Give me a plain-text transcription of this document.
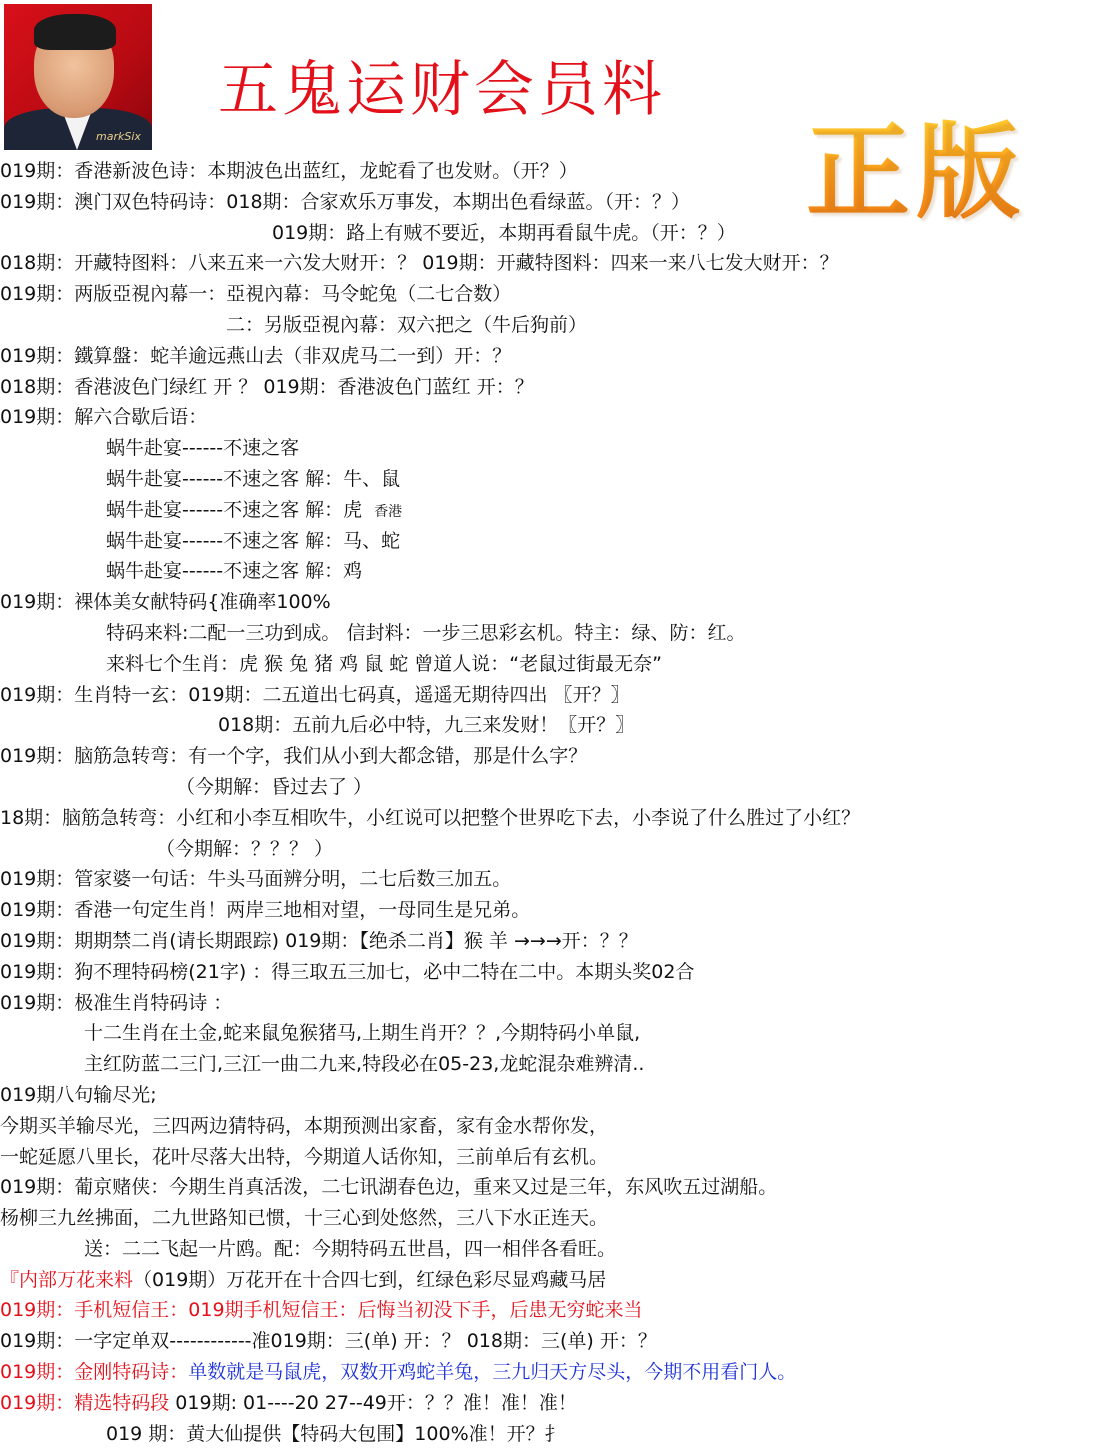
markSix
五鬼运财会员料
正版
019期：香港新波色诗：本期波色出蓝红，龙蛇看了也发财。（开？）
019期：澳门双色特码诗：018期：合家欢乐万事发，本期出色看绿蓝。（开：？）
019期：路上有贼不要近，本期再看鼠牛虎。（开：？）
018期：开藏特图料：八来五来一六发大财开：？ 019期：开藏特图料：四来一来八七发大财开：？
019期：两版亞視內幕一：亞視內幕：马令蛇兔（二七合数）
二：另版亞視內幕：双六把之（牛后狗前）
019期：鐵算盤：蛇羊逾远燕山去（非双虎马二一到）开：？
018期：香港波色门绿红 开 ？ 019期：香港波色门蓝红 开：？
019期：解六合歇后语：
蜗牛赴宴------不速之客
蜗牛赴宴------不速之客 解：牛、鼠
蜗牛赴宴------不速之客 解：虎 香港
蜗牛赴宴------不速之客 解：马、蛇
蜗牛赴宴------不速之客 解：鸡
019期：裸体美女献特码{准确率100%
特码来料:二配一三功到成。 信封料：一步三思彩玄机。特主：绿、防：红。
来料七个生肖：虎 猴 兔 猪 鸡 鼠 蛇 曾道人说：“老鼠过街最无奈”
019期：生肖特一玄：019期：二五道出七码真，遥遥无期待四出 〖开？〗
018期：五前九后必中特，九三来发财！〖开？〗
019期：脑筋急转弯：有一个字，我们从小到大都念错，那是什么字？
（今期解：昏过去了 ）
18期：脑筋急转弯：小红和小李互相吹牛，小红说可以把整个世界吃下去，小李说了什么胜过了小红？
（今期解：？？？ ）
019期：管家婆一句话：牛头马面辨分明，二七后数三加五。
019期：香港一句定生肖！两岸三地相对望，一母同生是兄弟。
019期：期期禁二肖(请长期跟踪) 019期：【绝杀二肖】猴 羊 →→→开：？？
019期：狗不理特码榜(21字) ：得三取五三加七，必中二特在二中。本期头奖02合
019期：极准生肖特码诗 ：
十二生肖在土金,蛇来鼠兔猴猪马,上期生肖开？？,今期特码小单鼠,
主红防蓝二三门,三江一曲二九来,特段必在05-23,龙蛇混杂难辨清..
019期八句输尽光;
今期买羊输尽光，三四两边猜特码，本期预测出家畜，家有金水帮你发，
一蛇延愿八里长，花叶尽落大出特，今期道人话你知，三前单后有玄机。
019期：葡京赌侠：今期生肖真活泼，二七讯湖春色边，重来又过是三年，东风吹五过湖船。
杨柳三九丝拂面，二九世路知已惯，十三心到处悠然，三八下水正连天。
送：二二飞起一片鸥。配：今期特码五世昌，四一相伴各看旺。
『内部万花来料（019期）万花开在十合四七到，红绿色彩尽显鸡藏马居
019期：手机短信王：019期手机短信王：后悔当初没下手，后患无穷蛇来当
019期：一字定单双------------准019期：三(单) 开：？ 018期：三(单) 开：？
019期：金刚特码诗：单数就是马鼠虎，双数开鸡蛇羊兔，三九归天方尽头，今期不用看门人。
019期：精选特码段 019期: 01----20 27--49开：？？准！准！准！
019 期：黄大仙提供【特码大包围】100%准！开？扌
